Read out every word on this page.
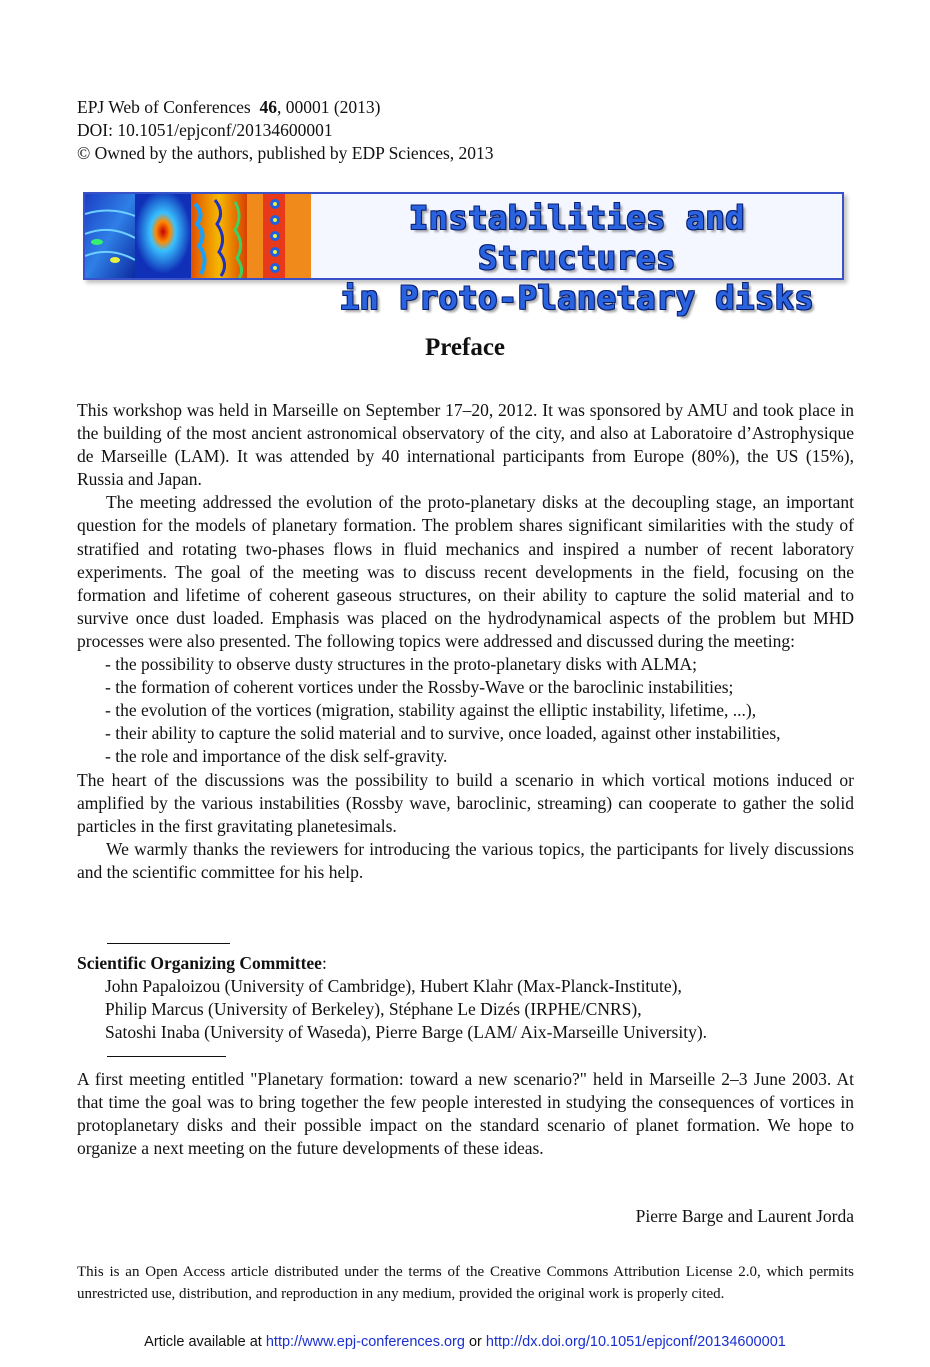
EPJ Web of Conferences 46, 00001 (2013)
DOI: 10.1051/epjconf/20134600001
© Owned by the authors, published by EDP Sciences, 2013
Instabilities and Structures
in Proto-Planetary disks
Preface

This workshop was held in Marseille on September 17–20, 2012. It was sponsored by AMU and took place in the building of the most ancient astronomical observatory of the city, and also at Laboratoire d’Astrophysique de Marseille (LAM). It was attended by 40 international participants from Europe (80%), the US (15%), Russia and Japan.

The meeting addressed the evolution of the proto-planetary disks at the decoupling stage, an important question for the models of planetary formation. The problem shares significant similarities with the study of stratified and rotating two-phases flows in fluid mechanics and inspired a number of recent laboratory experiments. The goal of the meeting was to discuss recent developments in the field, focusing on the formation and lifetime of coherent gaseous structures, on their ability to capture the solid material and to survive once dust loaded. Emphasis was placed on the hydrodynamical aspects of the problem but MHD processes were also presented. The following topics were addressed and discussed during the meeting:

- the possibility to observe dusty structures in the proto-planetary disks with ALMA;
- the formation of coherent vortices under the Rossby-Wave or the baroclinic instabilities;
- the evolution of the vortices (migration, stability against the elliptic instability, lifetime, ...),
- their ability to capture the solid material and to survive, once loaded, against other instabilities,
- the role and importance of the disk self-gravity.

The heart of the discussions was the possibility to build a scenario in which vortical motions induced or amplified by the various instabilities (Rossby wave, baroclinic, streaming) can cooperate to gather the solid particles in the first gravitating planetesimals.

We warmly thanks the reviewers for introducing the various topics, the participants for lively discussions and the scientific committee for his help.

Scientific Organizing Committee:
John Papaloizou (University of Cambridge), Hubert Klahr (Max-Planck-Institute),
Philip Marcus (University of Berkeley), Stéphane Le Dizés (IRPHE/CNRS),
Satoshi Inaba (University of Waseda), Pierre Barge (LAM/ Aix-Marseille University).

A first meeting entitled "Planetary formation: toward a new scenario?" held in Marseille 2–3 June 2003. At that time the goal was to bring together the few people interested in studying the consequences of vortices in protoplanetary disks and their possible impact on the standard scenario of planet formation. We hope to organize a next meeting on the future developments of these ideas.

Pierre Barge and Laurent Jorda

This is an Open Access article distributed under the terms of the Creative Commons Attribution License 2.0, which permits unrestricted use, distribution, and reproduction in any medium, provided the original work is properly cited.

Article available at http://www.epj-conferences.org or http://dx.doi.org/10.1051/epjconf/20134600001
